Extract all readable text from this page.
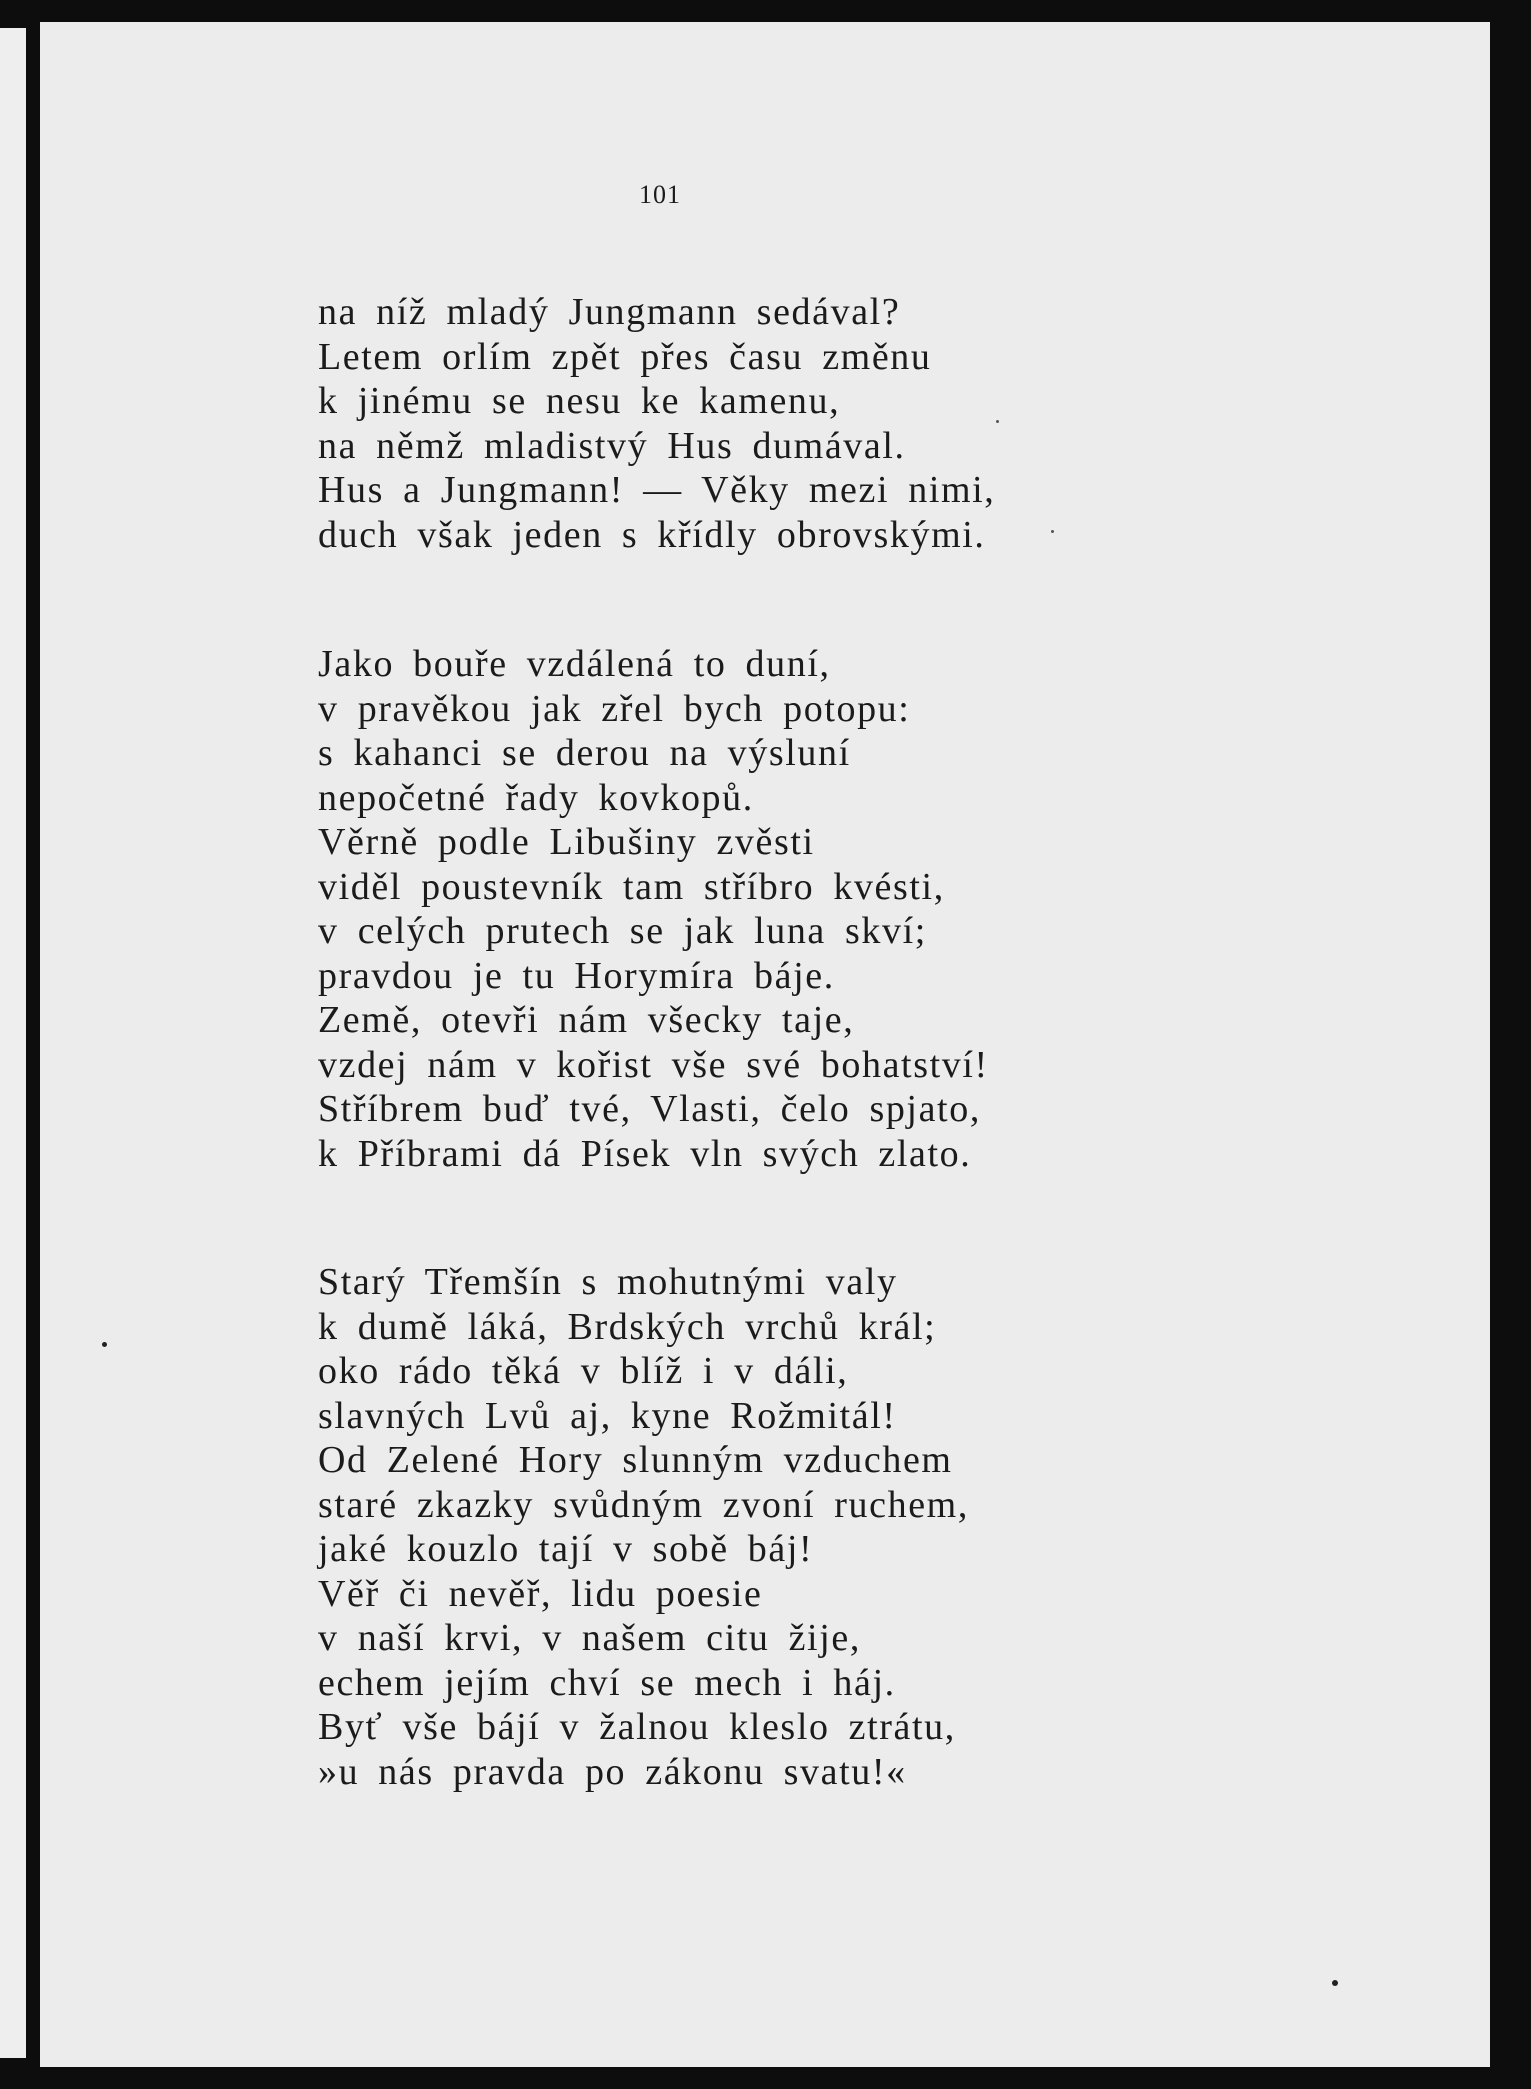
101
na níž mladý Jungmann sedával?
Letem orlím zpět přes času změnu
k jinému se nesu ke kamenu,
na němž mladistvý Hus dumával.
Hus a Jungmann! — Věky mezi nimi,
duch však jeden s křídly obrovskými.
Jako bouře vzdálená to duní,
v pravěkou jak zřel bych potopu:
s kahanci se derou na výsluní
nepočetné řady kovkopů.
Věrně podle Libušiny zvěsti
viděl poustevník tam stříbro kvésti,
v celých prutech se jak luna skví;
pravdou je tu Horymíra báje.
Země, otevři nám všecky taje,
vzdej nám v kořist vše své bohatství!
Stříbrem buď tvé, Vlasti, čelo spjato,
k Příbrami dá Písek vln svých zlato.
Starý Třemšín s mohutnými valy
k dumě láká, Brdských vrchů král;
oko rádo těká v blíž i v dáli,
slavných Lvů aj, kyne Rožmitál!
Od Zelené Hory slunným vzduchem
staré zkazky svůdným zvoní ruchem,
jaké kouzlo tají v sobě báj!
Věř či nevěř, lidu poesie
v naší krvi, v našem citu žije,
echem jejím chví se mech i háj.
Byť vše bájí v žalnou kleslo ztrátu,
»u nás pravda po zákonu svatu!«
